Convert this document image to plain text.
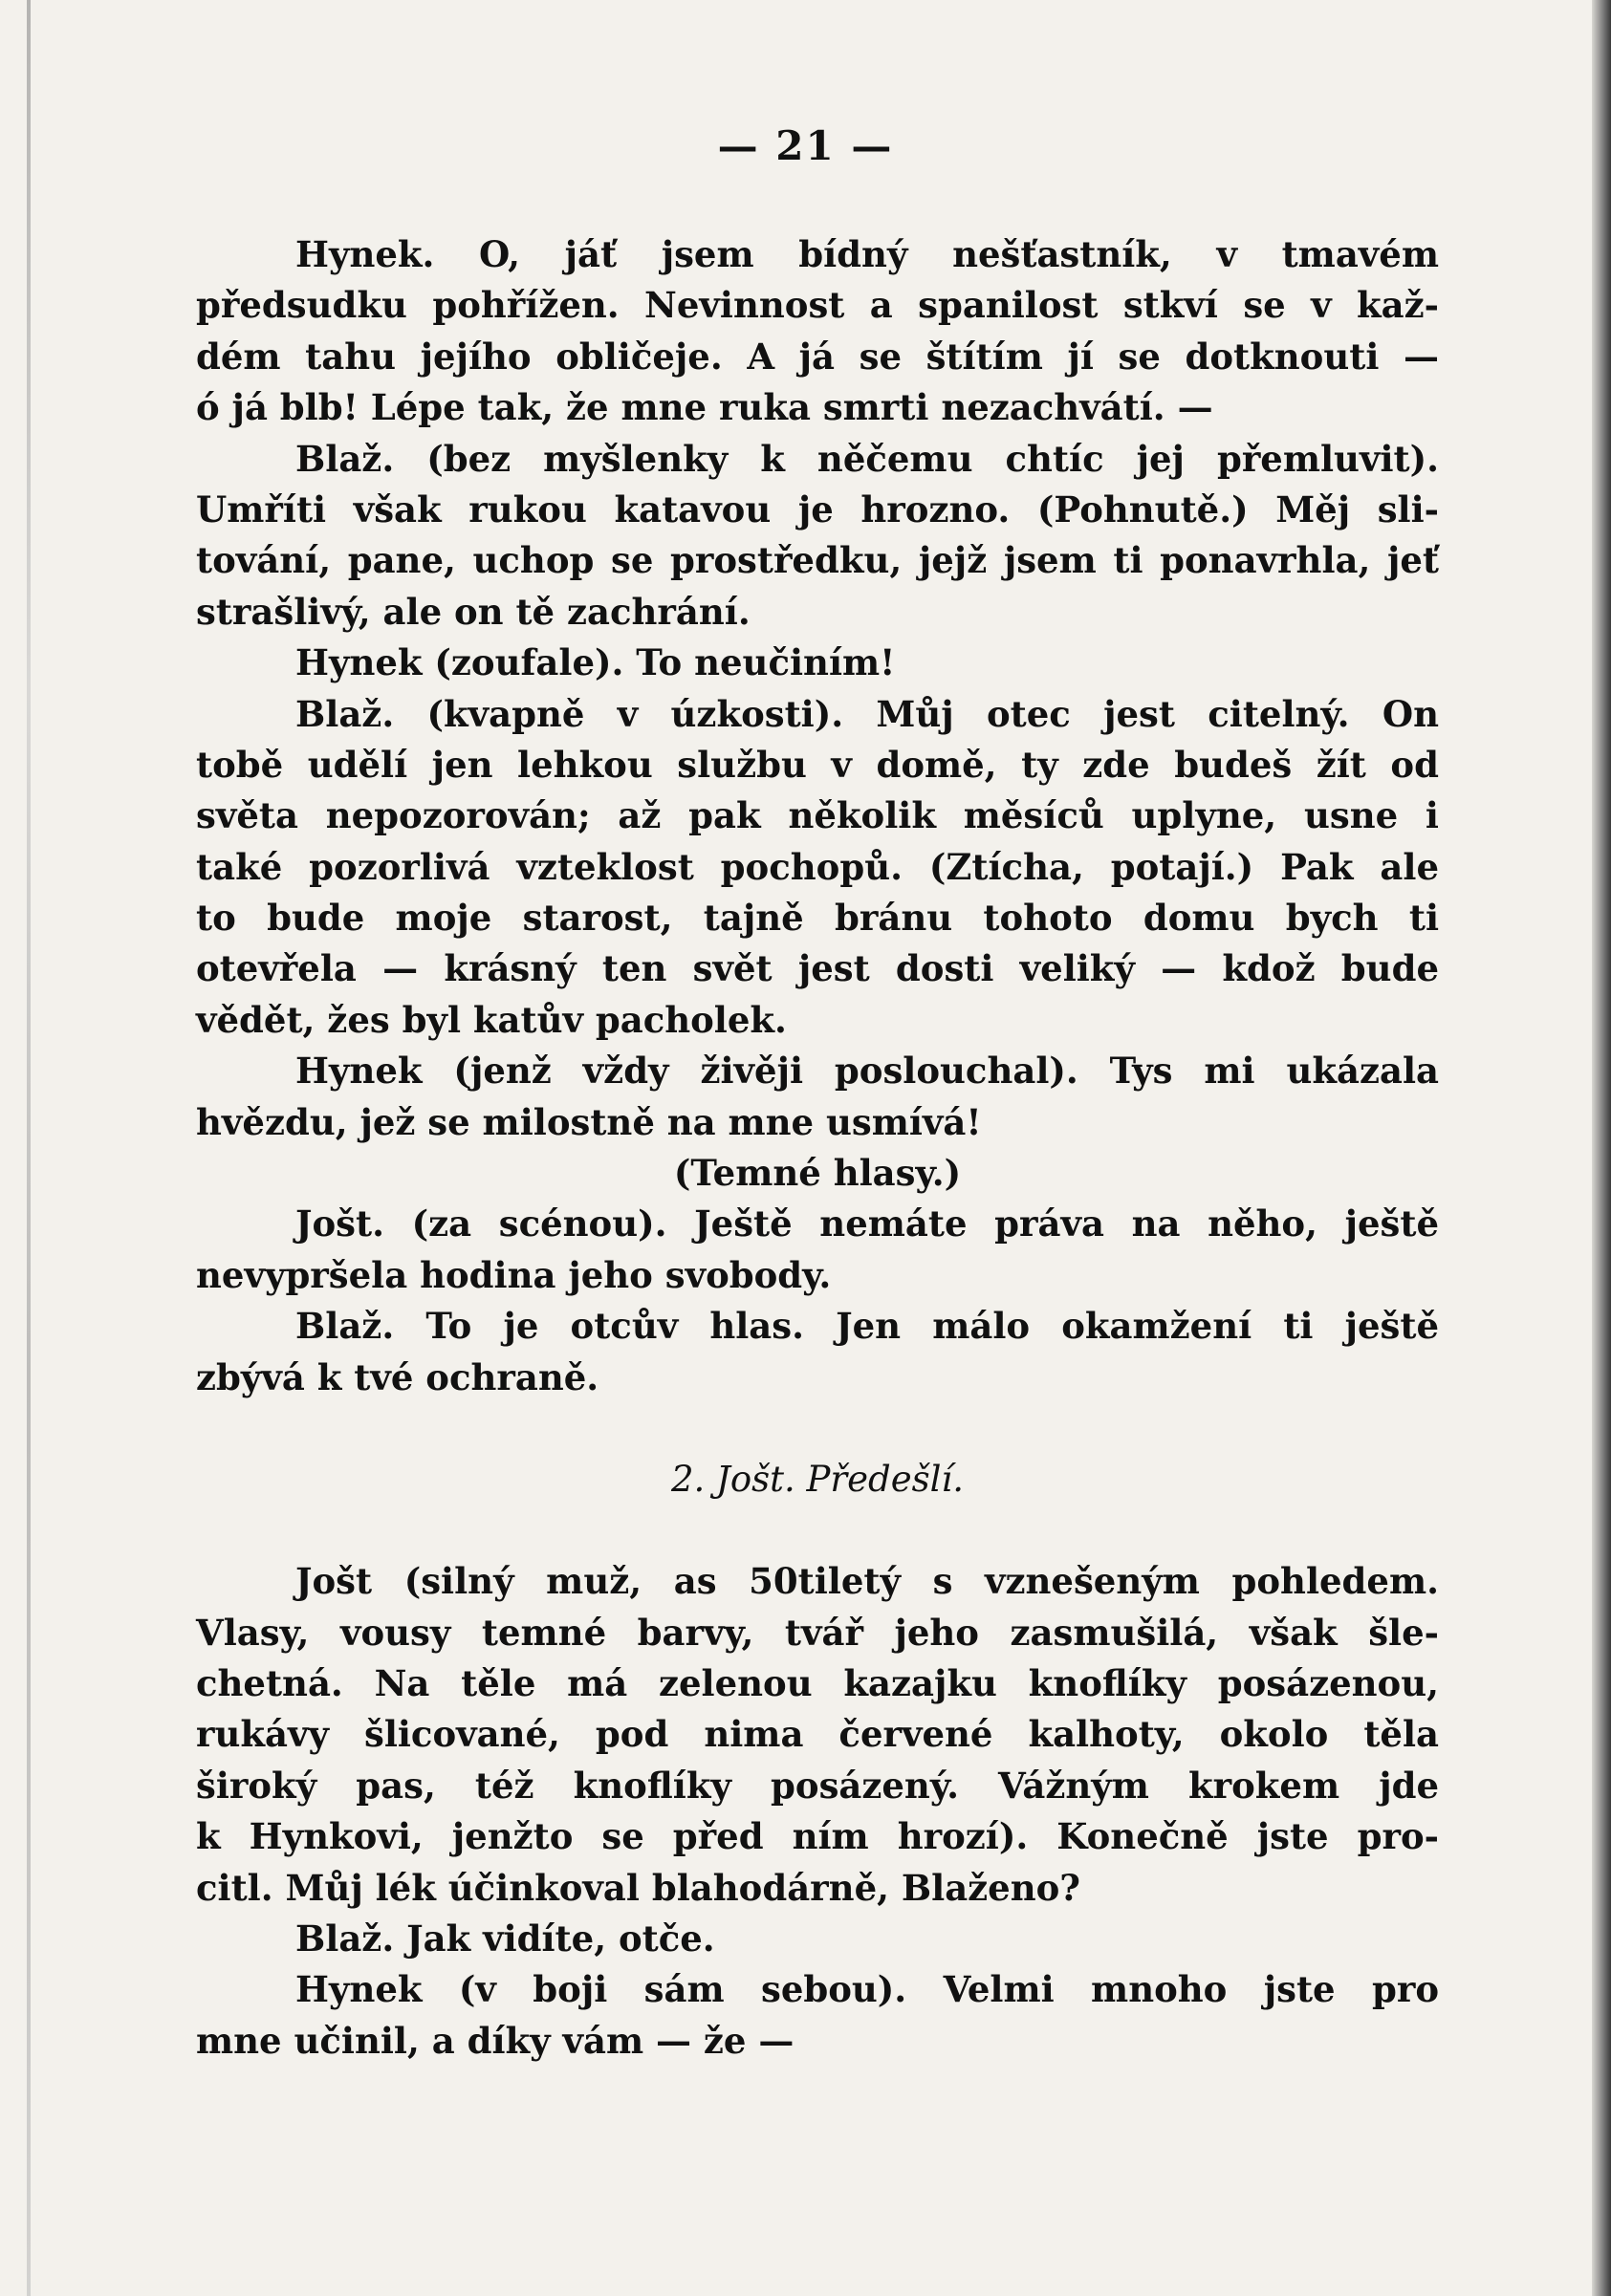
— 21 —
Hynek. O, jáť jsem bídný nešťastník, v tmavém
předsudku pohřížen. Nevinnost a spanilost stkví se v kaž-
dém tahu jejího obličeje. A já se štítím jí se dotknouti —
ó já blb! Lépe tak, že mne ruka smrti nezachvátí. —
Blaž. (bez myšlenky k něčemu chtíc jej přemluvit).
Umříti však rukou katavou je hrozno. (Pohnutě.) Měj sli-
tování, pane, uchop se prostředku, jejž jsem ti ponavrhla, jeť
strašlivý, ale on tě zachrání.
Hynek (zoufale). To neučiním!
Blaž. (kvapně v úzkosti). Můj otec jest citelný. On
tobě udělí jen lehkou službu v domě, ty zde budeš žít od
světa nepozorován; až pak několik měsíců uplyne, usne i
také pozorlivá vzteklost pochopů. (Ztícha, potají.) Pak ale
to bude moje starost, tajně bránu tohoto domu bych ti
otevřela — krásný ten svět jest dosti veliký — kdož bude
vědět, žes byl katův pacholek.
Hynek (jenž vždy živěji poslouchal). Tys mi ukázala
hvězdu, jež se milostně na mne usmívá!
(Temné hlasy.)
Jošt. (za scénou). Ještě nemáte práva na něho, ještě
nevypršela hodina jeho svobody.
Blaž. To je otcův hlas. Jen málo okamžení ti ještě
zbývá k tvé ochraně.
2. Jošt. Předešlí.
Jošt (silný muž, as 50tiletý s vznešeným pohledem.
Vlasy, vousy temné barvy, tvář jeho zasmušilá, však šle-
chetná. Na těle má zelenou kazajku knoflíky posázenou,
rukávy šlicované, pod nima červené kalhoty, okolo těla
široký pas, též knoflíky posázený. Vážným krokem jde
k Hynkovi, jenžto se před ním hrozí). Konečně jste pro-
citl. Můj lék účinkoval blahodárně, Blaženo?
Blaž. Jak vidíte, otče.
Hynek (v boji sám sebou). Velmi mnoho jste pro
mne učinil, a díky vám — že —
